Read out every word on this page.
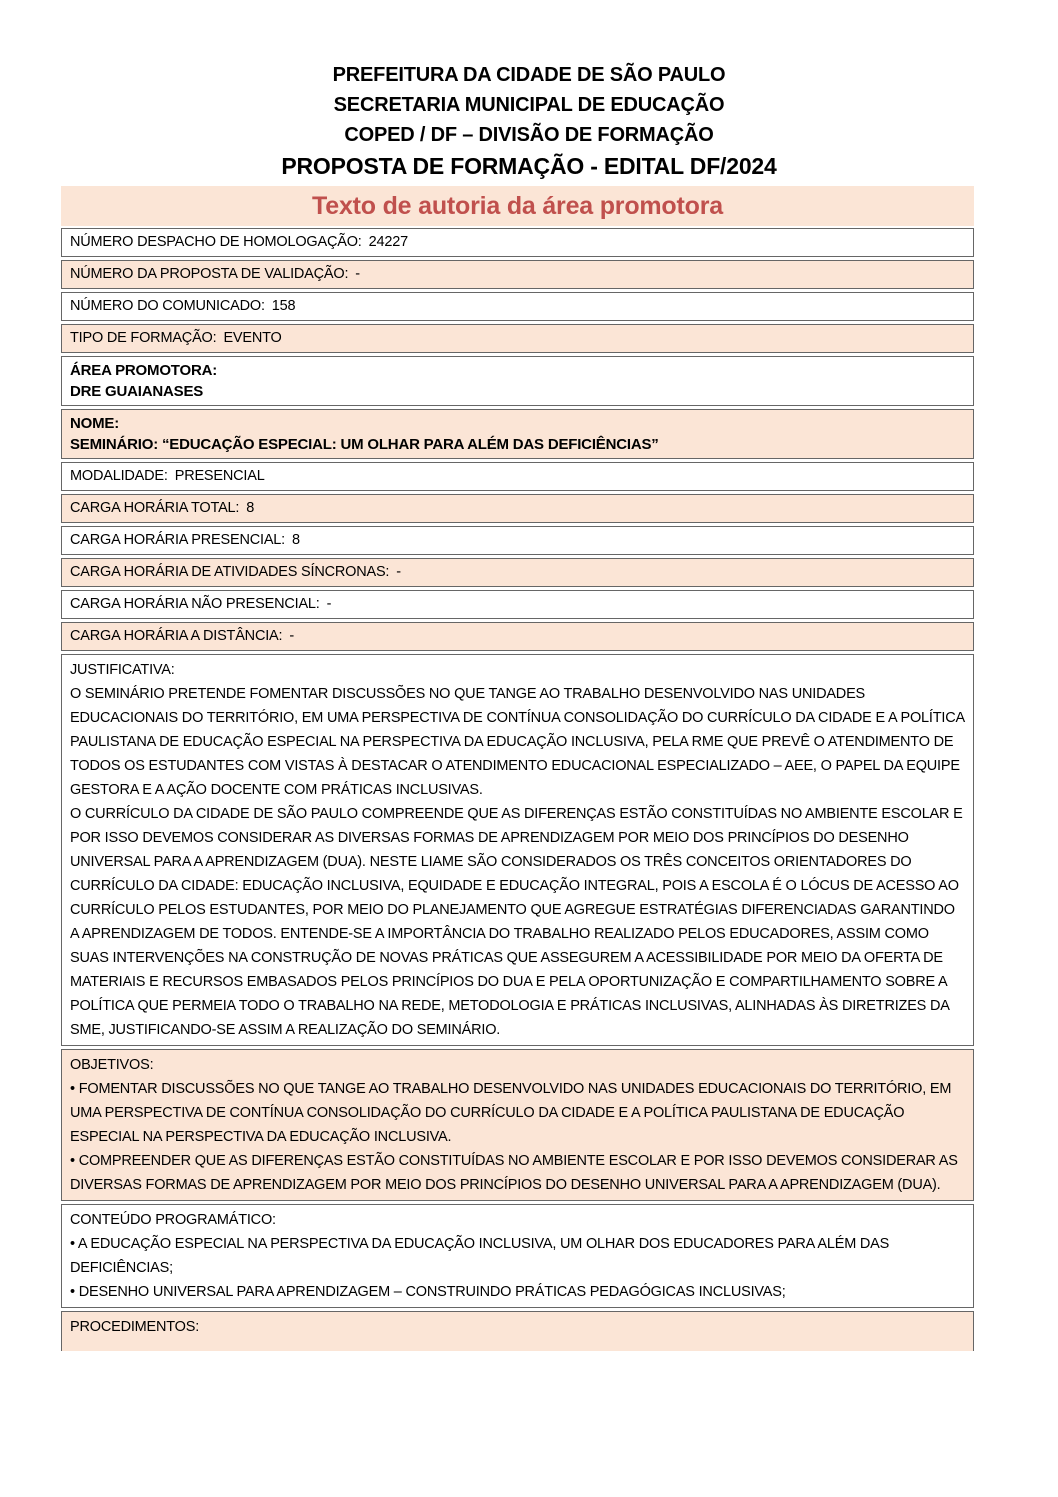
PREFEITURA DA CIDADE DE SÃO PAULO
SECRETARIA MUNICIPAL DE EDUCAÇÃO
COPED / DF – DIVISÃO DE FORMAÇÃO
PROPOSTA DE FORMAÇÃO - EDITAL DF/2024
Texto de autoria da área promotora
NÚMERO DESPACHO DE HOMOLOGAÇÃO: 24227
NÚMERO DA PROPOSTA DE VALIDAÇÃO: -
NÚMERO DO COMUNICADO: 158
TIPO DE FORMAÇÃO: EVENTO
ÁREA PROMOTORA:
DRE GUAIANASES
NOME:
SEMINÁRIO: “EDUCAÇÃO ESPECIAL: UM OLHAR PARA ALÉM DAS DEFICIÊNCIAS”
MODALIDADE: PRESENCIAL
CARGA HORÁRIA TOTAL: 8
CARGA HORÁRIA PRESENCIAL: 8
CARGA HORÁRIA DE ATIVIDADES SÍNCRONAS: -
CARGA HORÁRIA NÃO PRESENCIAL: -
CARGA HORÁRIA A DISTÂNCIA: -
JUSTIFICATIVA:

O SEMINÁRIO PRETENDE FOMENTAR DISCUSSÕES NO QUE TANGE AO TRABALHO DESENVOLVIDO NAS UNIDADES EDUCACIONAIS DO TERRITÓRIO, EM UMA PERSPECTIVA DE CONTÍNUA CONSOLIDAÇÃO DO CURRÍCULO DA CIDADE E A POLÍTICA PAULISTANA DE EDUCAÇÃO ESPECIAL NA PERSPECTIVA DA EDUCAÇÃO INCLUSIVA, PELA RME QUE PREVÊ O ATENDIMENTO DE TODOS OS ESTUDANTES COM VISTAS À DESTACAR O ATENDIMENTO EDUCACIONAL ESPECIALIZADO – AEE, O PAPEL DA EQUIPE GESTORA E A AÇÃO DOCENTE COM PRÁTICAS INCLUSIVAS.

O CURRÍCULO DA CIDADE DE SÃO PAULO COMPREENDE QUE AS DIFERENÇAS ESTÃO CONSTITUÍDAS NO AMBIENTE ESCOLAR E POR ISSO DEVEMOS CONSIDERAR AS DIVERSAS FORMAS DE APRENDIZAGEM POR MEIO DOS PRINCÍPIOS DO DESENHO UNIVERSAL PARA A APRENDIZAGEM (DUA). NESTE LIAME SÃO CONSIDERADOS OS TRÊS CONCEITOS ORIENTADORES DO CURRÍCULO DA CIDADE: EDUCAÇÃO INCLUSIVA, EQUIDADE E EDUCAÇÃO INTEGRAL, POIS A ESCOLA É O LÓCUS DE ACESSO AO CURRÍCULO PELOS ESTUDANTES, POR MEIO DO PLANEJAMENTO QUE AGREGUE ESTRATÉGIAS DIFERENCIADAS GARANTINDO A APRENDIZAGEM DE TODOS. ENTENDE-SE A IMPORTÂNCIA DO TRABALHO REALIZADO PELOS EDUCADORES, ASSIM COMO SUAS INTERVENÇÕES NA CONSTRUÇÃO DE NOVAS PRÁTICAS QUE ASSEGUREM A ACESSIBILIDADE POR MEIO DA OFERTA DE MATERIAIS E RECURSOS EMBASADOS PELOS PRINCÍPIOS DO DUA E PELA OPORTUNIZAÇÃO E COMPARTILHAMENTO SOBRE A POLÍTICA QUE PERMEIA TODO O TRABALHO NA REDE, METODOLOGIA E PRÁTICAS INCLUSIVAS, ALINHADAS ÀS DIRETRIZES DA SME, JUSTIFICANDO-SE ASSIM A REALIZAÇÃO DO SEMINÁRIO.

OBJETIVOS:

• FOMENTAR DISCUSSÕES NO QUE TANGE AO TRABALHO DESENVOLVIDO NAS UNIDADES EDUCACIONAIS DO TERRITÓRIO, EM UMA PERSPECTIVA DE CONTÍNUA CONSOLIDAÇÃO DO CURRÍCULO DA CIDADE E A POLÍTICA PAULISTANA DE EDUCAÇÃO ESPECIAL NA PERSPECTIVA DA EDUCAÇÃO INCLUSIVA.

• COMPREENDER QUE AS DIFERENÇAS ESTÃO CONSTITUÍDAS NO AMBIENTE ESCOLAR E POR ISSO DEVEMOS CONSIDERAR AS DIVERSAS FORMAS DE APRENDIZAGEM POR MEIO DOS PRINCÍPIOS DO DESENHO UNIVERSAL PARA A APRENDIZAGEM (DUA).

CONTEÚDO PROGRAMÁTICO:

• A EDUCAÇÃO ESPECIAL NA PERSPECTIVA DA EDUCAÇÃO INCLUSIVA, UM OLHAR DOS EDUCADORES PARA ALÉM DAS DEFICIÊNCIAS;

• DESENHO UNIVERSAL PARA APRENDIZAGEM – CONSTRUINDO PRÁTICAS PEDAGÓGICAS INCLUSIVAS;

PROCEDIMENTOS:
